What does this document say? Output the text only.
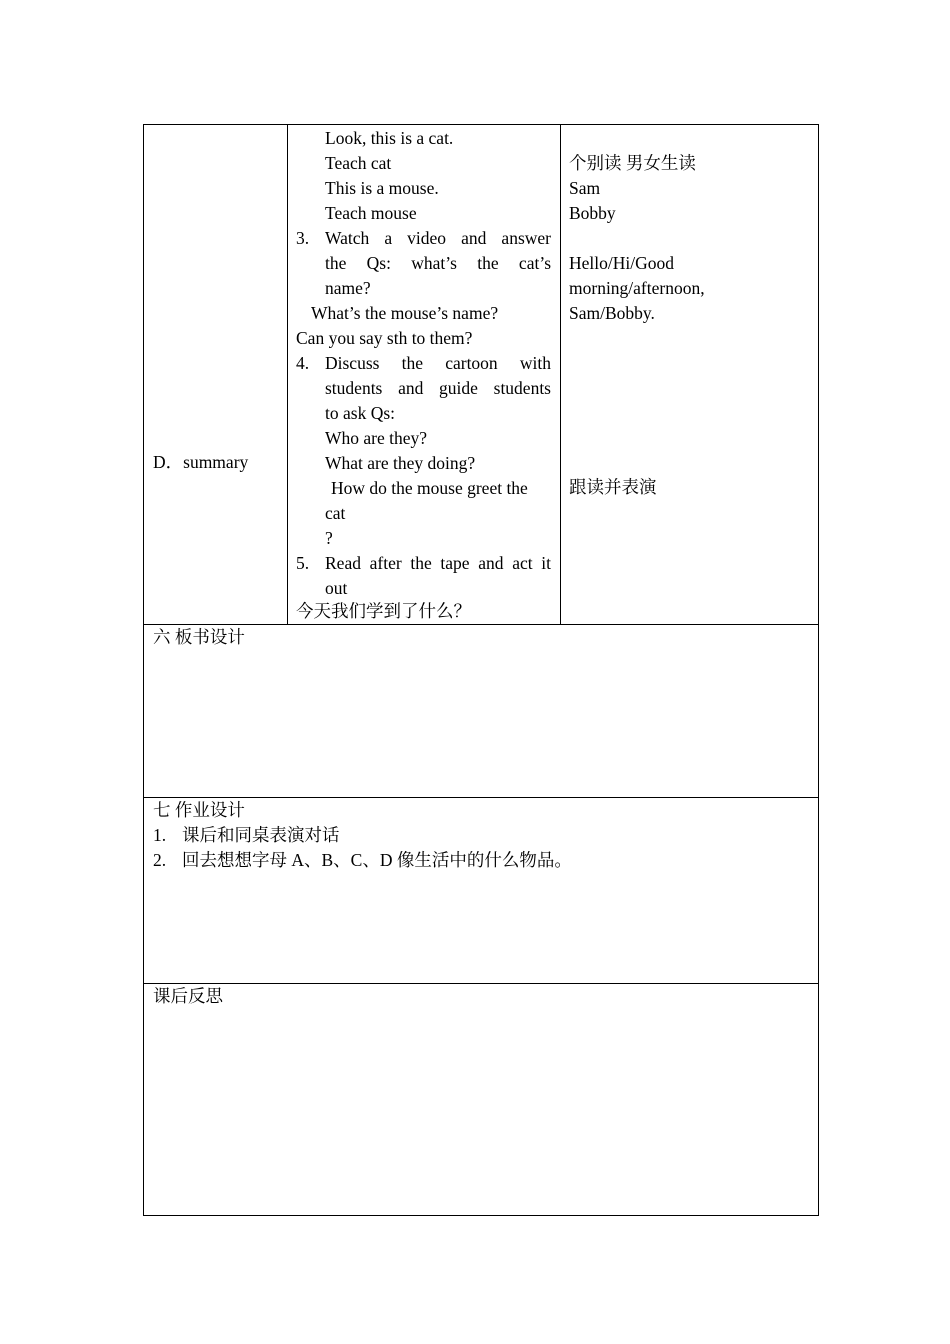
D．summary
Look, this is a cat.
Teach cat
This is a mouse.
Teach mouse
3. Watch a video and answer
the Qs: what’s the cat’s
name?
What’s the mouse’s name?
Can you say sth to them?
4. Discuss the cartoon with
students and guide students
to ask Qs:
Who are they?
What are they doing?
How do the mouse greet the
cat
?
5. Read after the tape and act it
out
今天我们学到了什么？
个别读 男女生读
Sam
Bobby
Hello/Hi/Good
morning/afternoon,
Sam/Bobby.
跟读并表演
六 板书设计
七 作业设计
1. 课后和同桌表演对话
2. 回去想想字母 A、B、C、D 像生活中的什么物品。
课后反思
